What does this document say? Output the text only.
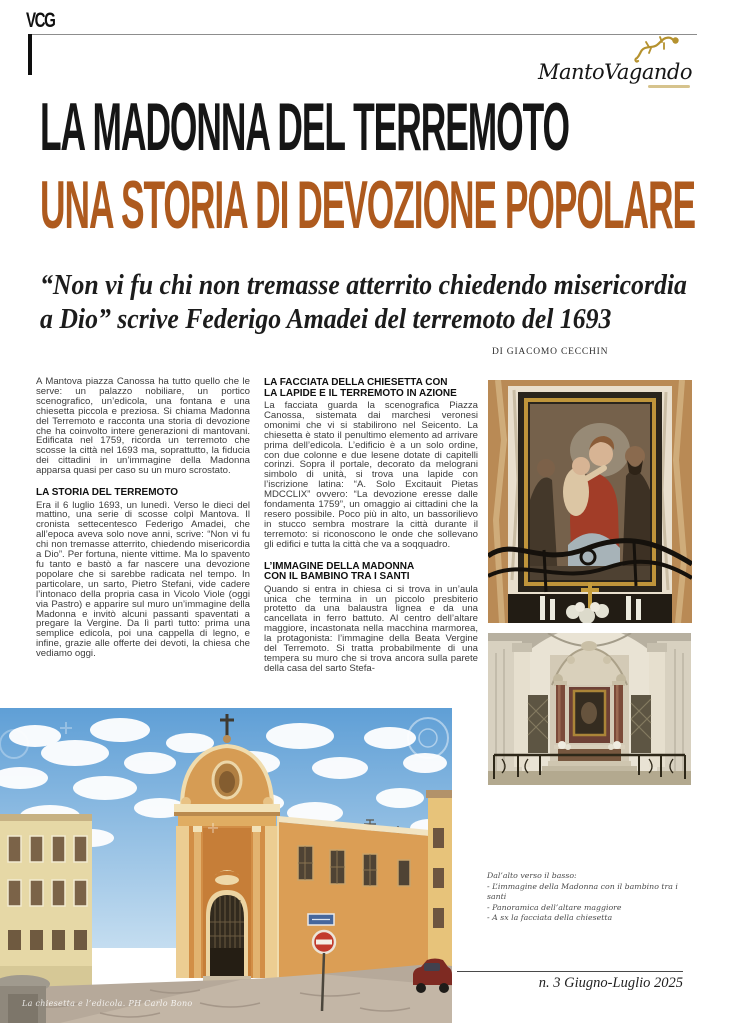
VCG
MantoVagando
LA MADONNA DEL TERREMOTO
UNA STORIA DI DEVOZIONE POPOLARE
“Non vi fu chi non tremasse atterrito chiedendo misericordia
a Dio” scrive Federigo Amadei del terremoto del 1693
DI GIACOMO CECCHIN

A Mantova piazza Canossa ha tutto quello che le serve: un palazzo nobiliare, un portico scenografico, un’edicola, una fontana e una chiesetta piccola e preziosa. Si chiama Madonna del Terremoto e racconta una storia di devozione che ha coinvolto intere generazioni di mantovani. Edificata nel 1759, ricorda un terremoto che scosse la città nel 1693 ma, soprattutto, la fiducia dei cittadini in un’immagine della Madonna apparsa quasi per caso su un muro scrostato.

LA STORIA DEL TERREMOTO

Era il 6 luglio 1693, un lunedì. Verso le dieci del mattino, una serie di scosse colpì Mantova. Il cronista settecentesco Federigo Amadei, che all’epoca aveva solo nove anni, scrive: “Non vi fu chi non tremasse atterrito, chiedendo misericordia a Dio”. Per fortuna, niente vittime. Ma lo spavento fu tanto e bastò a far nascere una devozione popolare che si sarebbe radicata nel tempo. In particolare, un sarto, Pietro Stefani, vide cadere l’intonaco della propria casa in Vicolo Viole (oggi via Pastro) e apparire sul muro un’immagine della Madonna e invitò alcuni passanti spaventati a pregare la Vergine. Da lì partì tutto: prima una semplice edicola, poi una cappella di legno, e infine, grazie alle offerte dei devoti, la chiesa che vediamo oggi.

LA FACCIATA DELLA CHIESETTA CON
LA LAPIDE E IL TERREMOTO IN AZIONE

La facciata guarda la scenografica Piazza Canossa, sistemata dai marchesi veronesi omonimi che vi si stabilirono nel Seicento. La chiesetta è stato il penultimo elemento ad arrivare prima dell’edicola. L’edificio è a un solo ordine, con due colonne e due lesene dotate di capitelli corinzi. Sopra il portale, decorato da melograni simbolo di unità, si trova una lapide con l’iscrizione latina: “A. Solo Excitauit Pietas MDCCLIX” ovvero: “La devozione eresse dalle fondamenta 1759”, un omaggio ai cittadini che la resero possibile. Poco più in alto, un bassorilievo in stucco sembra mostrare la città durante il terremoto: si riconoscono le onde che sollevano gli edifici e tutta la città che va a soqquadro.

L’IMMAGINE DELLA MADONNA
CON IL BAMBINO TRA I SANTI

Quando si entra in chiesa ci si trova in un’aula unica che termina in un piccolo presbiterio protetto da una balaustra lignea e da una cancellata in ferro battuto. Al centro dell’altare maggiore, incastonata nella macchina marmorea, la protagonista: l’immagine della Beata Vergine del Terremoto. Si tratta probabilmente di una tempera su muro che si trova ancora sulla parete della casa del sarto Stefa-

Dal’alto verso il basso:
- L’immagine della Madonna con il bambino tra i santi
- Panoramica dell’altare maggiore
- A sx la facciata della chiesetta
La chiesetta e l’edicola. PH Carlo Bono
n. 3 Giugno-Luglio 2025
